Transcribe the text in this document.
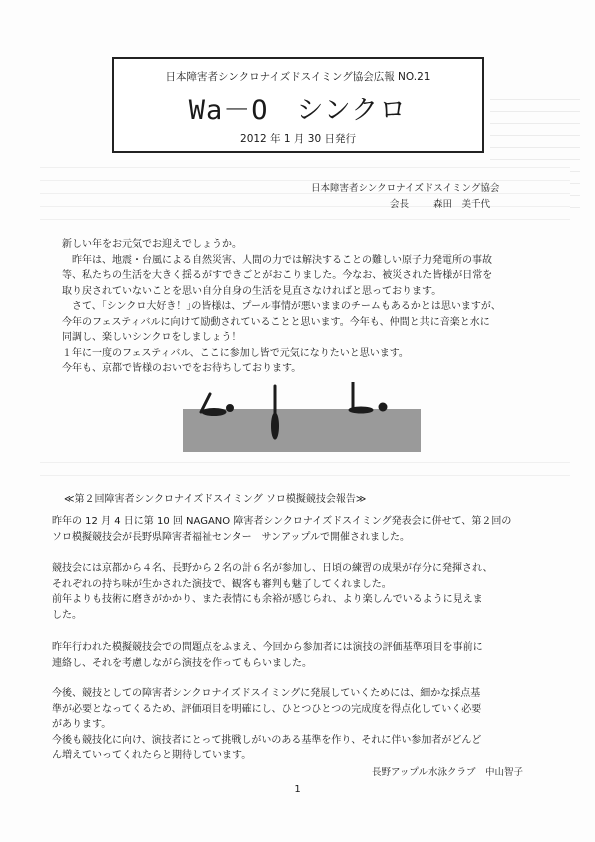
日本障害者シンクロナイズドスイミング協会広報 NO.21
Wa－O　シンクロ
2012 年 1 月 30 日発行
日本障害者シンクロナイズドスイミング協会
会長	森田　美千代

新しい年をお元気でお迎えでしょうか。

　昨年は、地震・台風による自然災害、人間の力では解決することの難しい原子力発電所の事故

等、私たちの生活を大きく揺るがすできごとがおこりました。今なお、被災された皆様が日常を

取り戻されていないことを思い自分自身の生活を見直さなければと思っております。

　さて、｢シンクロ大好き！｣の皆様は、プール事情が悪いままのチームもあるかとは思いますが、

今年のフェスティバルに向けて励動されていることと思います。今年も、仲間と共に音楽と水に

同調し、楽しいシンクロをしましょう！

１年に一度のフェスティバル、ここに参加し皆で元気になりたいと思います。

今年も、京都で皆様のおいでをお待ちしております。

≪第２回障害者シンクロナイズドスイミング ソロ模擬競技会報告≫

昨年の 12 月 4 日に第 10 回 NAGANO 障害者シンクロナイズドスイミング発表会に併せて、第２回の

ソロ模擬競技会が長野県障害者福祉センター　サンアップルで開催されました。

競技会には京都から４名、長野から２名の計６名が参加し、日頃の練習の成果が存分に発揮され、

それぞれの持ち味が生かされた演技で、観客も審判も魅了してくれました。

前年よりも技術に磨きがかかり、また表情にも余裕が感じられ、より楽しんでいるように見えま

した。

昨年行われた模擬競技会での問題点をふまえ、今回から参加者には演技の評価基準項目を事前に

連絡し、それを考慮しながら演技を作ってもらいました。

今後、競技としての障害者シンクロナイズドスイミングに発展していくためには、細かな採点基

準が必要となってくるため、評価項目を明確にし、ひとつひとつの完成度を得点化していく必要

があります。

今後も競技化に向け、演技者にとって挑戦しがいのある基準を作り、それに伴い参加者がどんど

ん増えていってくれたらと期待しています。

長野アップル水泳クラブ　中山智子
1
